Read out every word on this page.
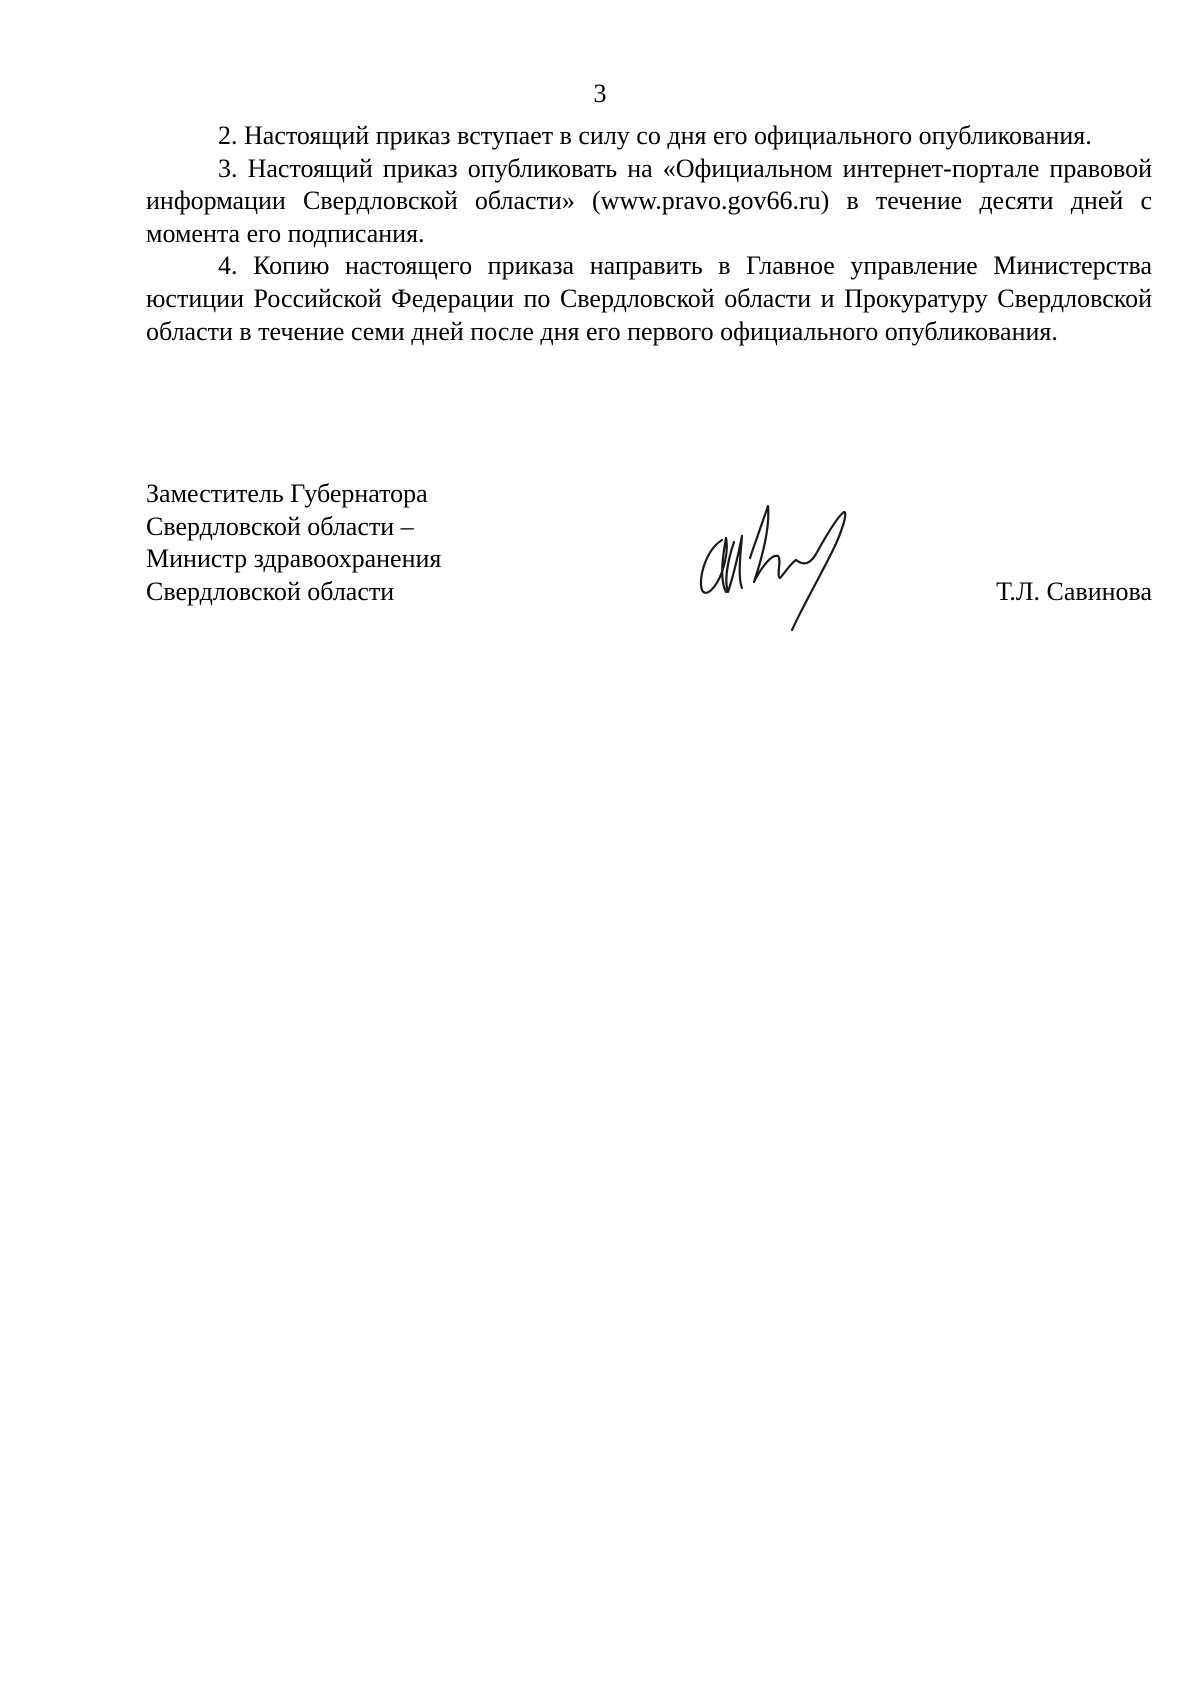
3

2. Настоящий приказ вступает в силу со дня его официального опубликования.

3. Настоящий приказ опубликовать на «Официальном интернет-портале правовой информации Свердловской области» (www.pravo.gov66.ru) в течение десяти дней с момента его подписания.

4. Копию настоящего приказа направить в Главное управление Министерства юстиции Российской Федерации по Свердловской области и Прокуратуру Свердловской области в течение семи дней после дня его первого официального опубликования.

Заместитель Губернатора
Свердловской области –
Министр здравоохранения
Свердловской области	Т.Л. Савинова
